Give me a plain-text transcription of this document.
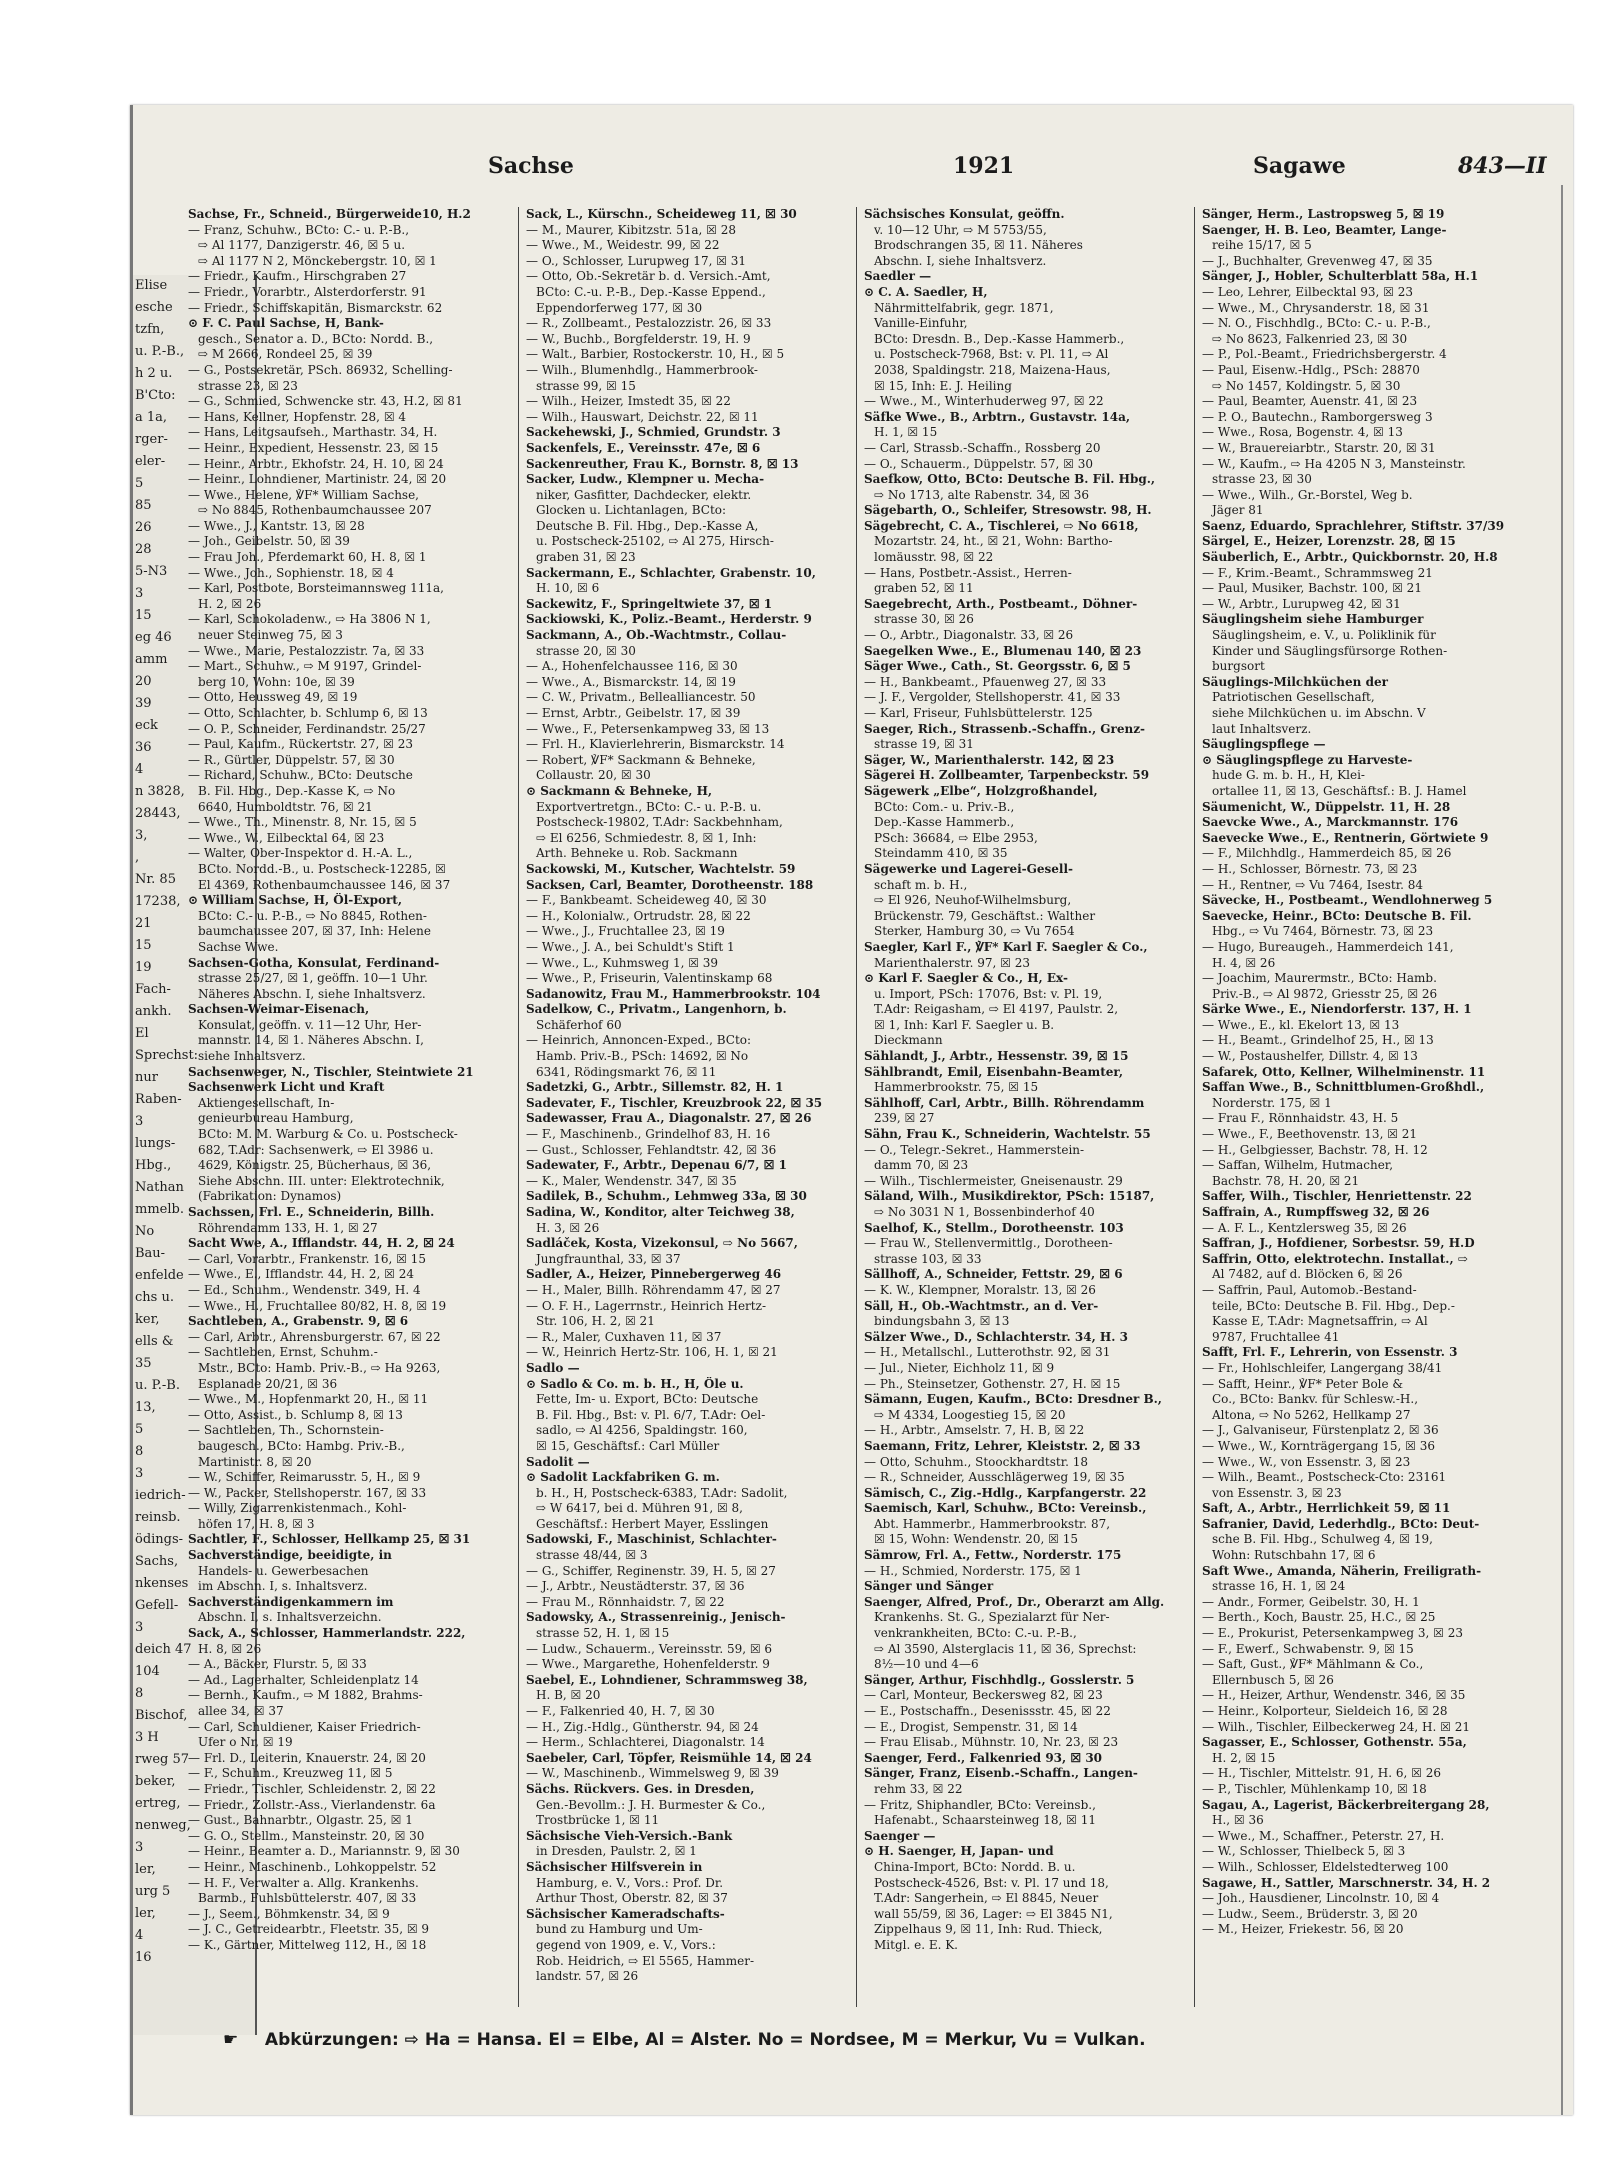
Elise
esche
tzfn,
u. P.-B.,
h 2 u.
B'Cto:
a 1a,
rger-
eler-
5
85
26
28
5-N3
3
15
eg 46
amm
20
39
eck
36
4
n 3828,
28443,
3,
,
Nr. 85
17238,
21
15
19
Fach-
ankh.
El
Sprechst:
nur
Raben-
3
lungs-
Hbg.,
Nathan
mmelb.
No
Bau-
enfelde
chs u.
ker,
ells &
35
u. P.-B.
13,
5
8
3
iedrich-
reinsb.
ödings-
Sachs,
nkenses
Gefell-
3
deich 47
104
8
Bischof,
3 H
rweg 57
beker,
ertreg,
nenweg,
3
ler,
urg 5
ler,
4
16
Sachse	1921	Sagawe	843—II
Sachse, Fr., Schneid., Bürgerweide10, H.2
— Franz, Schuhw., BCto: C.- u. P.-B.,
⇨ Al 1177, Danzigerstr. 46, ☒ 5 u.
⇨ Al 1177 N 2, Mönckebergstr. 10, ☒ 1
— Friedr., Kaufm., Hirschgraben 27
— Friedr., Vorarbtr., Alsterdorferstr. 91
— Friedr., Schiffskapitän, Bismarckstr. 62
⊙ F. C. Paul Sachse, H, Bank-
gesch., Senator a. D., BCto: Nordd. B.,
⇨ M 2666, Rondeel 25, ☒ 39
— G., Postsekretär, PSch. 86932, Schelling-
strasse 23, ☒ 23
— G., Schmied, Schwencke str. 43, H.2, ☒ 81
— Hans, Kellner, Hopfenstr. 28, ☒ 4
— Hans, Leitgsaufseh., Marthastr. 34, H.
— Heinr., Expedient, Hessenstr. 23, ☒ 15
— Heinr., Arbtr., Ekhofstr. 24, H. 10, ☒ 24
— Heinr., Lohndiener, Martinistr. 24, ☒ 20
— Wwe., Helene, ℣F* William Sachse,
⇨ No 8845, Rothenbaumchaussee 207
— Wwe., J., Kantstr. 13, ☒ 28
— Joh., Geibelstr. 50, ☒ 39
— Frau Joh., Pferdemarkt 60, H. 8, ☒ 1
— Wwe., Joh., Sophienstr. 18, ☒ 4
— Karl, Postbote, Borsteimannsweg 111a,
H. 2, ☒ 26
— Karl, Schokoladenw., ⇨ Ha 3806 N 1,
neuer Steinweg 75, ☒ 3
— Wwe., Marie, Pestalozzistr. 7a, ☒ 33
— Mart., Schuhw., ⇨ M 9197, Grindel-
berg 10, Wohn: 10e, ☒ 39
— Otto, Heussweg 49, ☒ 19
— Otto, Schlachter, b. Schlump 6, ☒ 13
— O. P., Schneider, Ferdinandstr. 25/27
— Paul, Kaufm., Rückertstr. 27, ☒ 23
— R., Gürtler, Düppelstr. 57, ☒ 30
— Richard, Schuhw., BCto: Deutsche
B. Fil. Hbg., Dep.-Kasse K, ⇨ No
6640, Humboldtstr. 76, ☒ 21
— Wwe., Th., Minenstr. 8, Nr. 15, ☒ 5
— Wwe., W., Eilbecktal 64, ☒ 23
— Walter, Ober-Inspektor d. H.-A. L.,
BCto. Nordd.-B., u. Postscheck-12285, ☒
El 4369, Rothenbaumchaussee 146, ☒ 37
⊙ William Sachse, H, Öl-Export,
BCto: C.- u. P.-B., ⇨ No 8845, Rothen-
baumchaussee 207, ☒ 37, Inh: Helene
Sachse Wwe.
Sachsen-Gotha, Konsulat, Ferdinand-
strasse 25/27, ☒ 1, geöffn. 10—1 Uhr.
Näheres Abschn. I, siehe Inhaltsverz.
Sachsen-Weimar-Eisenach,
Konsulat, geöffn. v. 11—12 Uhr, Her-
mannstr. 14, ☒ 1. Näheres Abschn. I,
siehe Inhaltsverz.
Sachsenweger, N., Tischler, Steintwiete 21
Sachsenwerk Licht und Kraft
Aktiengesellschaft, In-
genieurbureau Hamburg,
BCto: M. M. Warburg & Co. u. Postscheck-
682, T.Adr: Sachsenwerk, ⇨ El 3986 u.
4629, Königstr. 25, Bücherhaus, ☒ 36,
Siehe Abschn. III. unter: Elektrotechnik,
(Fabrikation: Dynamos)
Sachssen, Frl. E., Schneiderin, Billh.
Röhrendamm 133, H. 1, ☒ 27
Sacht Wwe, A., Ifflandstr. 44, H. 2, ☒ 24
— Carl, Vorarbtr., Frankenstr. 16, ☒ 15
— Wwe., E., Ifflandstr. 44, H. 2, ☒ 24
— Ed., Schuhm., Wendenstr. 349, H. 4
— Wwe., H., Fruchtallee 80/82, H. 8, ☒ 19
Sachtleben, A., Grabenstr. 9, ☒ 6
— Carl, Arbtr., Ahrensburgerstr. 67, ☒ 22
— Sachtleben, Ernst, Schuhm.-
Mstr., BCto: Hamb. Priv.-B., ⇨ Ha 9263,
Esplanade 20/21, ☒ 36
— Wwe., M., Hopfenmarkt 20, H., ☒ 11
— Otto, Assist., b. Schlump 8, ☒ 13
— Sachtleben, Th., Schornstein-
baugesch., BCto: Hambg. Priv.-B.,
Martinistr. 8, ☒ 20
— W., Schiffer, Reimarusstr. 5, H., ☒ 9
— W., Packer, Stellshoperstr. 167, ☒ 33
— Willy, Zigarrenkistenmach., Kohl-
höfen 17, H. 8, ☒ 3
Sachtler, F., Schlosser, Hellkamp 25, ☒ 31
Sachverständige, beeidigte, in
Handels- u. Gewerbesachen
im Abschn. I, s. Inhaltsverz.
Sachverständigenkammern im
Abschn. I, s. Inhaltsverzeichn.
Sack, A., Schlosser, Hammerlandstr. 222,
H. 8, ☒ 26
— A., Bäcker, Flurstr. 5, ☒ 33
— Ad., Lagerhalter, Schleidenplatz 14
— Bernh., Kaufm., ⇨ M 1882, Brahms-
allee 34, ☒ 37
— Carl, Schuldiener, Kaiser Friedrich-
Ufer o Nr, ☒ 19
— Frl. D., Leiterin, Knauerstr. 24, ☒ 20
— F., Schuhm., Kreuzweg 11, ☒ 5
— Friedr., Tischler, Schleidenstr. 2, ☒ 22
— Friedr., Zollstr.-Ass., Vierlandenstr. 6a
— Gust., Bahnarbtr., Olgastr. 25, ☒ 1
— G. O., Stellm., Mansteinstr. 20, ☒ 30
— Heinr., Beamter a. D., Mariannstr. 9, ☒ 30
— Heinr., Maschinenb., Lohkoppelstr. 52
— H. F., Verwalter a. Allg. Krankenhs.
Barmb., Fuhlsbüttelerstr. 407, ☒ 33
— J., Seem., Böhmkenstr. 34, ☒ 9
— J. C., Getreidearbtr., Fleetstr. 35, ☒ 9
— K., Gärtner, Mittelweg 112, H., ☒ 18
Sack, L., Kürschn., Scheideweg 11, ☒ 30
— M., Maurer, Kibitzstr. 51a, ☒ 28
— Wwe., M., Weidestr. 99, ☒ 22
— O., Schlosser, Lurupweg 17, ☒ 31
— Otto, Ob.-Sekretär b. d. Versich.-Amt,
BCto: C.-u. P.-B., Dep.-Kasse Eppend.,
Eppendorferweg 177, ☒ 30
— R., Zollbeamt., Pestalozzistr. 26, ☒ 33
— W., Buchb., Borgfelderstr. 19, H. 9
— Walt., Barbier, Rostockerstr. 10, H., ☒ 5
— Wilh., Blumenhdlg., Hammerbrook-
strasse 99, ☒ 15
— Wilh., Heizer, Imstedt 35, ☒ 22
— Wilh., Hauswart, Deichstr. 22, ☒ 11
Sackehewski, J., Schmied, Grundstr. 3
Sackenfels, E., Vereinsstr. 47e, ☒ 6
Sackenreuther, Frau K., Bornstr. 8, ☒ 13
Sacker, Ludw., Klempner u. Mecha-
niker, Gasfitter, Dachdecker, elektr.
Glocken u. Lichtanlagen, BCto:
Deutsche B. Fil. Hbg., Dep.-Kasse A,
u. Postscheck-25102, ⇨ Al 275, Hirsch-
graben 31, ☒ 23
Sackermann, E., Schlachter, Grabenstr. 10,
H. 10, ☒ 6
Sackewitz, F., Springeltwiete 37, ☒ 1
Sackiowski, K., Poliz.-Beamt., Herderstr. 9
Sackmann, A., Ob.-Wachtmstr., Collau-
strasse 20, ☒ 30
— A., Hohenfelchaussee 116, ☒ 30
— Wwe., A., Bismarckstr. 14, ☒ 19
— C. W., Privatm., Bellealliancestr. 50
— Ernst, Arbtr., Geibelstr. 17, ☒ 39
— Wwe., F., Petersenkampweg 33, ☒ 13
— Frl. H., Klavierlehrerin, Bismarckstr. 14
— Robert, ℣F* Sackmann & Behneke,
Collaustr. 20, ☒ 30
⊙ Sackmann & Behneke, H,
Exportvertretgn., BCto: C.- u. P.-B. u.
Postscheck-19802, T.Adr: Sackbehnham,
⇨ El 6256, Schmiedestr. 8, ☒ 1, Inh:
Arth. Behneke u. Rob. Sackmann
Sackowski, M., Kutscher, Wachtelstr. 59
Sacksen, Carl, Beamter, Dorotheenstr. 188
— F., Bankbeamt. Scheideweg 40, ☒ 30
— H., Kolonialw., Ortrudstr. 28, ☒ 22
— Wwe., J., Fruchtallee 23, ☒ 19
— Wwe., J. A., bei Schuldt's Stift 1
— Wwe., L., Kuhmsweg 1, ☒ 39
— Wwe., P., Friseurin, Valentinskamp 68
Sadanowitz, Frau M., Hammerbrookstr. 104
Sadelkow, C., Privatm., Langenhorn, b.
Schäferhof 60
— Heinrich, Annoncen-Exped., BCto:
Hamb. Priv.-B., PSch: 14692, ☒ No
6341, Rödingsmarkt 76, ☒ 11
Sadetzki, G., Arbtr., Sillemstr. 82, H. 1
Sadevater, F., Tischler, Kreuzbrook 22, ☒ 35
Sadewasser, Frau A., Diagonalstr. 27, ☒ 26
— F., Maschinenb., Grindelhof 83, H. 16
— Gust., Schlosser, Fehlandtstr. 42, ☒ 36
Sadewater, F., Arbtr., Depenau 6/7, ☒ 1
— K., Maler, Wendenstr. 347, ☒ 35
Sadilek, B., Schuhm., Lehmweg 33a, ☒ 30
Sadina, W., Konditor, alter Teichweg 38,
H. 3, ☒ 26
Sadláček, Kosta, Vizekonsul, ⇨ No 5667,
Jungfraunthal, 33, ☒ 37
Sadler, A., Heizer, Pinnebergerweg 46
— H., Maler, Billh. Röhrendamm 47, ☒ 27
— O. F. H., Lagerrnstr., Heinrich Hertz-
Str. 106, H. 2, ☒ 21
— R., Maler, Cuxhaven 11, ☒ 37
— W., Heinrich Hertz-Str. 106, H. 1, ☒ 21
Sadlo —
⊙ Sadlo & Co. m. b. H., H, Öle u.
Fette, Im- u. Export, BCto: Deutsche
B. Fil. Hbg., Bst: v. Pl. 6/7, T.Adr: Oel-
sadlo, ⇨ Al 4256, Spaldingstr. 160,
☒ 15, Geschäftsf.: Carl Müller
Sadolit —
⊙ Sadolit Lackfabriken G. m.
b. H., H, Postscheck-6383, T.Adr: Sadolit,
⇨ W 6417, bei d. Mühren 91, ☒ 8,
Geschäftsf.: Herbert Mayer, Esslingen
Sadowski, F., Maschinist, Schlachter-
strasse 48/44, ☒ 3
— G., Schiffer, Reginenstr. 39, H. 5, ☒ 27
— J., Arbtr., Neustädterstr. 37, ☒ 36
— Frau M., Rönnhaidstr. 7, ☒ 22
Sadowsky, A., Strassenreinig., Jenisch-
strasse 52, H. 1, ☒ 15
— Ludw., Schauerm., Vereinsstr. 59, ☒ 6
— Wwe., Margarethe, Hohenfelderstr. 9
Saebel, E., Lohndiener, Schrammsweg 38,
H. B, ☒ 20
— F., Falkenried 40, H. 7, ☒ 30
— H., Zig.-Hdlg., Güntherstr. 94, ☒ 24
— Herm., Schlachterei, Diagonalstr. 14
Saebeler, Carl, Töpfer, Reismühle 14, ☒ 24
— W., Maschinenb., Wimmelsweg 9, ☒ 39
Sächs. Rückvers. Ges. in Dresden,
Gen.-Bevollm.: J. H. Burmester & Co.,
Trostbrücke 1, ☒ 11
Sächsische Vieh-Versich.-Bank
in Dresden, Paulstr. 2, ☒ 1
Sächsischer Hilfsverein in
Hamburg, e. V., Vors.: Prof. Dr.
Arthur Thost, Oberstr. 82, ☒ 37
Sächsischer Kameradschafts-
bund zu Hamburg und Um-
gegend von 1909, e. V., Vors.:
Rob. Heidrich, ⇨ El 5565, Hammer-
landstr. 57, ☒ 26
Sächsisches Konsulat, geöffn.
v. 10—12 Uhr, ⇨ M 5753/55,
Brodschrangen 35, ☒ 11. Näheres
Abschn. I, siehe Inhaltsverz.
Saedler —
⊙ C. A. Saedler, H,
Nährmittelfabrik, gegr. 1871,
Vanille-Einfuhr,
BCto: Dresdn. B., Dep.-Kasse Hammerb.,
u. Postscheck-7968, Bst: v. Pl. 11, ⇨ Al
2038, Spaldingstr. 218, Maizena-Haus,
☒ 15, Inh: E. J. Heiling
— Wwe., M., Winterhuderweg 97, ☒ 22
Säfke Wwe., B., Arbtrn., Gustavstr. 14a,
H. 1, ☒ 15
— Carl, Strassb.-Schaffn., Rossberg 20
— O., Schauerm., Düppelstr. 57, ☒ 30
Saefkow, Otto, BCto: Deutsche B. Fil. Hbg.,
⇨ No 1713, alte Rabenstr. 34, ☒ 36
Sägebarth, O., Schleifer, Stresowstr. 98, H.
Sägebrecht, C. A., Tischlerei, ⇨ No 6618,
Mozartstr. 24, ht., ☒ 21, Wohn: Bartho-
lomäusstr. 98, ☒ 22
— Hans, Postbetr.-Assist., Herren-
graben 52, ☒ 11
Saegebrecht, Arth., Postbeamt., Döhner-
strasse 30, ☒ 26
— O., Arbtr., Diagonalstr. 33, ☒ 26
Saegelken Wwe., E., Blumenau 140, ☒ 23
Säger Wwe., Cath., St. Georgsstr. 6, ☒ 5
— H., Bankbeamt., Pfauenweg 27, ☒ 33
— J. F., Vergolder, Stellshoperstr. 41, ☒ 33
— Karl, Friseur, Fuhlsbüttelerstr. 125
Saeger, Rich., Strassenb.-Schaffn., Grenz-
strasse 19, ☒ 31
Säger, W., Marienthalerstr. 142, ☒ 23
Sägerei H. Zollbeamter, Tarpenbeckstr. 59
Sägewerk „Elbe“, Holzgroßhandel,
BCto: Com.- u. Priv.-B.,
Dep.-Kasse Hammerb.,
PSch: 36684, ⇨ Elbe 2953,
Steindamm 410, ☒ 35
Sägewerke und Lagerei-Gesell-
schaft m. b. H.,
⇨ El 926, Neuhof-Wilhelmsburg,
Brückenstr. 79, Geschäftst.: Walther
Sterker, Hamburg 30, ⇨ Vu 7654
Saegler, Karl F., ℣F* Karl F. Saegler & Co.,
Marienthalerstr. 97, ☒ 23
⊙ Karl F. Saegler & Co., H, Ex-
u. Import, PSch: 17076, Bst: v. Pl. 19,
T.Adr: Reigasham, ⇨ El 4197, Paulstr. 2,
☒ 1, Inh: Karl F. Saegler u. B.
Dieckmann
Sählandt, J., Arbtr., Hessenstr. 39, ☒ 15
Sählbrandt, Emil, Eisenbahn-Beamter,
Hammerbrookstr. 75, ☒ 15
Sählhoff, Carl, Arbtr., Billh. Röhrendamm
239, ☒ 27
Sähn, Frau K., Schneiderin, Wachtelstr. 55
— O., Telegr.-Sekret., Hammerstein-
damm 70, ☒ 23
— Wilh., Tischlermeister, Gneisenaustr. 29
Säland, Wilh., Musikdirektor, PSch: 15187,
⇨ No 3031 N 1, Bossenbinderhof 40
Saelhof, K., Stellm., Dorotheenstr. 103
— Frau W., Stellenvermittlg., Dorotheen-
strasse 103, ☒ 33
Sällhoff, A., Schneider, Fettstr. 29, ☒ 6
— K. W., Klempner, Moralstr. 13, ☒ 26
Säll, H., Ob.-Wachtmstr., an d. Ver-
bindungsbahn 3, ☒ 13
Sälzer Wwe., D., Schlachterstr. 34, H. 3
— H., Metallschl., Lutterothstr. 92, ☒ 31
— Jul., Nieter, Eichholz 11, ☒ 9
— Ph., Steinsetzer, Gothenstr. 27, H. ☒ 15
Sämann, Eugen, Kaufm., BCto: Dresdner B.,
⇨ M 4334, Loogestieg 15, ☒ 20
— H., Arbtr., Amselstr. 7, H. B, ☒ 22
Saemann, Fritz, Lehrer, Kleiststr. 2, ☒ 33
— Otto, Schuhm., Stoockhardtstr. 18
— R., Schneider, Ausschlägerweg 19, ☒ 35
Sämisch, C., Zig.-Hdlg., Karpfangerstr. 22
Saemisch, Karl, Schuhw., BCto: Vereinsb.,
Abt. Hammerbr., Hammerbrookstr. 87,
☒ 15, Wohn: Wendenstr. 20, ☒ 15
Sämrow, Frl. A., Fettw., Norderstr. 175
— H., Schmied, Norderstr. 175, ☒ 1
Sänger und Sänger
Saenger, Alfred, Prof., Dr., Oberarzt am Allg.
Krankenhs. St. G., Spezialarzt für Ner-
venkrankheiten, BCto: C.-u. P.-B.,
⇨ Al 3590, Alsterglacis 11, ☒ 36, Sprechst:
8½—10 und 4—6
Sänger, Arthur, Fischhdlg., Gosslerstr. 5
— Carl, Monteur, Beckersweg 82, ☒ 23
— E., Postschaffn., Desenissstr. 45, ☒ 22
— E., Drogist, Sempenstr. 31, ☒ 14
— Frau Elisab., Mühnstr. 10, Nr. 23, ☒ 23
Saenger, Ferd., Falkenried 93, ☒ 30
Sänger, Franz, Eisenb.-Schaffn., Langen-
rehm 33, ☒ 22
— Fritz, Shiphandler, BCto: Vereinsb.,
Hafenabt., Schaarsteinweg 18, ☒ 11
Saenger —
⊙ H. Saenger, H, Japan- und
China-Import, BCto: Nordd. B. u.
Postscheck-4526, Bst: v. Pl. 17 und 18,
T.Adr: Sangerhein, ⇨ El 8845, Neuer
wall 55/59, ☒ 36, Lager: ⇨ El 3845 N1,
Zippelhaus 9, ☒ 11, Inh: Rud. Thieck,
Mitgl. e. E. K.
Sänger, Herm., Lastropsweg 5, ☒ 19
Saenger, H. B. Leo, Beamter, Lange-
reihe 15/17, ☒ 5
— J., Buchhalter, Grevenweg 47, ☒ 35
Sänger, J., Hobler, Schulterblatt 58a, H.1
— Leo, Lehrer, Eilbecktal 93, ☒ 23
— Wwe., M., Chrysanderstr. 18, ☒ 31
— N. O., Fischhdlg., BCto: C.- u. P.-B.,
⇨ No 8623, Falkenried 23, ☒ 30
— P., Pol.-Beamt., Friedrichsbergerstr. 4
— Paul, Eisenw.-Hdlg., PSch: 28870
⇨ No 1457, Koldingstr. 5, ☒ 30
— Paul, Beamter, Auenstr. 41, ☒ 23
— P. O., Bautechn., Ramborgersweg 3
— Wwe., Rosa, Bogenstr. 4, ☒ 13
— W., Brauereiarbtr., Starstr. 20, ☒ 31
— W., Kaufm., ⇨ Ha 4205 N 3, Mansteinstr.
strasse 23, ☒ 30
— Wwe., Wilh., Gr.-Borstel, Weg b.
Jäger 81
Saenz, Eduardo, Sprachlehrer, Stiftstr. 37/39
Särgel, E., Heizer, Lorenzstr. 28, ☒ 15
Säuberlich, E., Arbtr., Quickbornstr. 20, H.8
— F., Krim.-Beamt., Schrammsweg 21
— Paul, Musiker, Bachstr. 100, ☒ 21
— W., Arbtr., Lurupweg 42, ☒ 31
Säuglingsheim siehe Hamburger
Säuglingsheim, e. V., u. Poliklinik für
Kinder und Säuglingsfürsorge Rothen-
burgsort
Säuglings-Milchküchen der
Patriotischen Gesellschaft,
siehe Milchküchen u. im Abschn. V
laut Inhaltsverz.
Säuglingspflege —
⊙ Säuglingspflege zu Harveste-
hude G. m. b. H., H, Klei-
ortallee 11, ☒ 13, Geschäftsf.: B. J. Hamel
Säumenicht, W., Düppelstr. 11, H. 28
Saevcke Wwe., A., Marckmannstr. 176
Saevecke Wwe., E., Rentnerin, Görtwiete 9
— F., Milchhdlg., Hammerdeich 85, ☒ 26
— H., Schlosser, Börnestr. 73, ☒ 23
— H., Rentner, ⇨ Vu 7464, Isestr. 84
Sävecke, H., Postbeamt., Wendlohnerweg 5
Saevecke, Heinr., BCto: Deutsche B. Fil.
Hbg., ⇨ Vu 7464, Börnestr. 73, ☒ 23
— Hugo, Bureaugeh., Hammerdeich 141,
H. 4, ☒ 26
— Joachim, Maurermstr., BCto: Hamb.
Priv.-B., ⇨ Al 9872, Griesstr 25, ☒ 26
Särke Wwe., E., Niendorferstr. 137, H. 1
— Wwe., E., kl. Ekelort 13, ☒ 13
— H., Beamt., Grindelhof 25, H., ☒ 13
— W., Postaushelfer, Dillstr. 4, ☒ 13
Safarek, Otto, Kellner, Wilhelminenstr. 11
Saffan Wwe., B., Schnittblumen-Großhdl.,
Norderstr. 175, ☒ 1
— Frau F., Rönnhaidstr. 43, H. 5
— Wwe., F., Beethovenstr. 13, ☒ 21
— H., Gelbgiesser, Bachstr. 78, H. 12
— Saffan, Wilhelm, Hutmacher,
Bachstr. 78, H. 20, ☒ 21
Saffer, Wilh., Tischler, Henriettenstr. 22
Saffrain, A., Rumpffsweg 32, ☒ 26
— A. F. L., Kentzlersweg 35, ☒ 26
Saffran, J., Hofdiener, Sorbestsr. 59, H.D
Saffrin, Otto, elektrotechn. Installat., ⇨
Al 7482, auf d. Blöcken 6, ☒ 26
— Saffrin, Paul, Automob.-Bestand-
teile, BCto: Deutsche B. Fil. Hbg., Dep.-
Kasse E, T.Adr: Magnetsaffrin, ⇨ Al
9787, Fruchtallee 41
Safft, Frl. F., Lehrerin, von Essenstr. 3
— Fr., Hohlschleifer, Langergang 38/41
— Safft, Heinr., ℣F* Peter Bole &
Co., BCto: Bankv. für Schlesw.-H.,
Altona, ⇨ No 5262, Hellkamp 27
— J., Galvaniseur, Fürstenplatz 2, ☒ 36
— Wwe., W., Kornträgergang 15, ☒ 36
— Wwe., W., von Essenstr. 3, ☒ 23
— Wilh., Beamt., Postscheck-Cto: 23161
von Essenstr. 3, ☒ 23
Saft, A., Arbtr., Herrlichkeit 59, ☒ 11
Safranier, David, Lederhdlg., BCto: Deut-
sche B. Fil. Hbg., Schulweg 4, ☒ 19,
Wohn: Rutschbahn 17, ☒ 6
Saft Wwe., Amanda, Näherin, Freiligrath-
strasse 16, H. 1, ☒ 24
— Andr., Former, Geibelstr. 30, H. 1
— Berth., Koch, Baustr. 25, H.C., ☒ 25
— E., Prokurist, Petersenkampweg 3, ☒ 23
— F., Ewerf., Schwabenstr. 9, ☒ 15
— Saft, Gust., ℣F* Mählmann & Co.,
Ellernbusch 5, ☒ 26
— H., Heizer, Arthur, Wendenstr. 346, ☒ 35
— Heinr., Kolporteur, Sieldeich 16, ☒ 28
— Wilh., Tischler, Eilbeckerweg 24, H. ☒ 21
Sagasser, E., Schlosser, Gothenstr. 55a,
H. 2, ☒ 15
— H., Tischler, Mittelstr. 91, H. 6, ☒ 26
— P., Tischler, Mühlenkamp 10, ☒ 18
Sagau, A., Lagerist, Bäckerbreitergang 28,
H., ☒ 36
— Wwe., M., Schaffner., Peterstr. 27, H.
— W., Schlosser, Thielbeck 5, ☒ 3
— Wilh., Schlosser, Eldelstedterweg 100
Sagawe, H., Sattler, Marschnerstr. 34, H. 2
— Joh., Hausdiener, Lincolnstr. 10, ☒ 4
— Ludw., Seem., Brüderstr. 3, ☒ 20
— M., Heizer, Friekestr. 56, ☒ 20
☛ Abkürzungen: ⇨ Ha = Hansa. El = Elbe, Al = Alster. No = Nordsee, M = Merkur, Vu = Vulkan.
